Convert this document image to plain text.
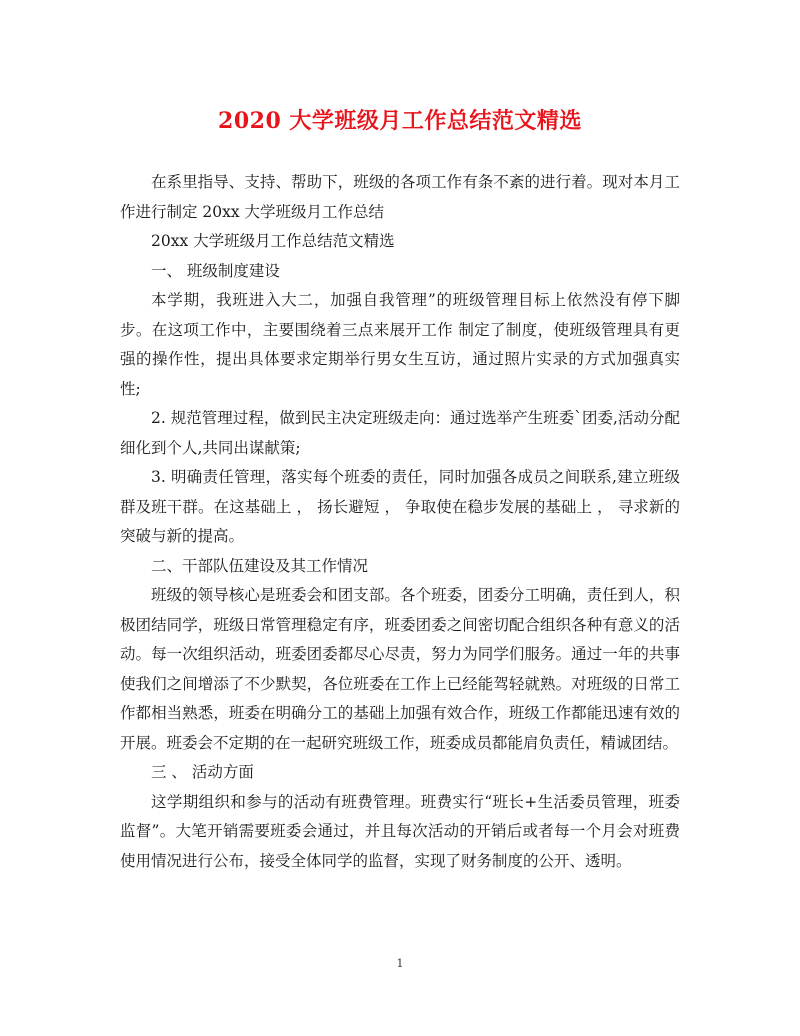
2020 大学班级月工作总结范文精选

在系里指导、支持、帮助下，班级的各项工作有条不紊的进行着。现对本月工作进行制定 20xx 大学班级月工作总结

20xx 大学班级月工作总结范文精选

一、 班级制度建设

本学期，我班进入大二，加强自我管理”的班级管理目标上依然没有停下脚步。在这项工作中，主要围绕着三点来展开工作 制定了制度，使班级管理具有更强的操作性，提出具体要求定期举行男女生互访，通过照片实录的方式加强真实性;

2. 规范管理过程，做到民主决定班级走向：通过选举产生班委`团委,活动分配细化到个人,共同出谋献策;

3. 明确责任管理，落实每个班委的责任，同时加强各成员之间联系,建立班级群及班干群。在这基础上 ， 扬长避短 ， 争取使在稳步发展的基础上 ， 寻求新的突破与新的提高。

二、干部队伍建设及其工作情况

班级的领导核心是班委会和团支部。各个班委，团委分工明确，责任到人，积极团结同学，班级日常管理稳定有序，班委团委之间密切配合组织各种有意义的活动。每一次组织活动，班委团委都尽心尽责，努力为同学们服务。通过一年的共事使我们之间增添了不少默契，各位班委在工作上已经能驾轻就熟。对班级的日常工作都相当熟悉，班委在明确分工的基础上加强有效合作，班级工作都能迅速有效的开展。班委会不定期的在一起研究班级工作，班委成员都能肩负责任，精诚团结。

三 、 活动方面

这学期组织和参与的活动有班费管理。班费实行“班长+生活委员管理，班委监督”。大笔开销需要班委会通过，并且每次活动的开销后或者每一个月会对班费使用情况进行公布，接受全体同学的监督，实现了财务制度的公开、透明。

1
